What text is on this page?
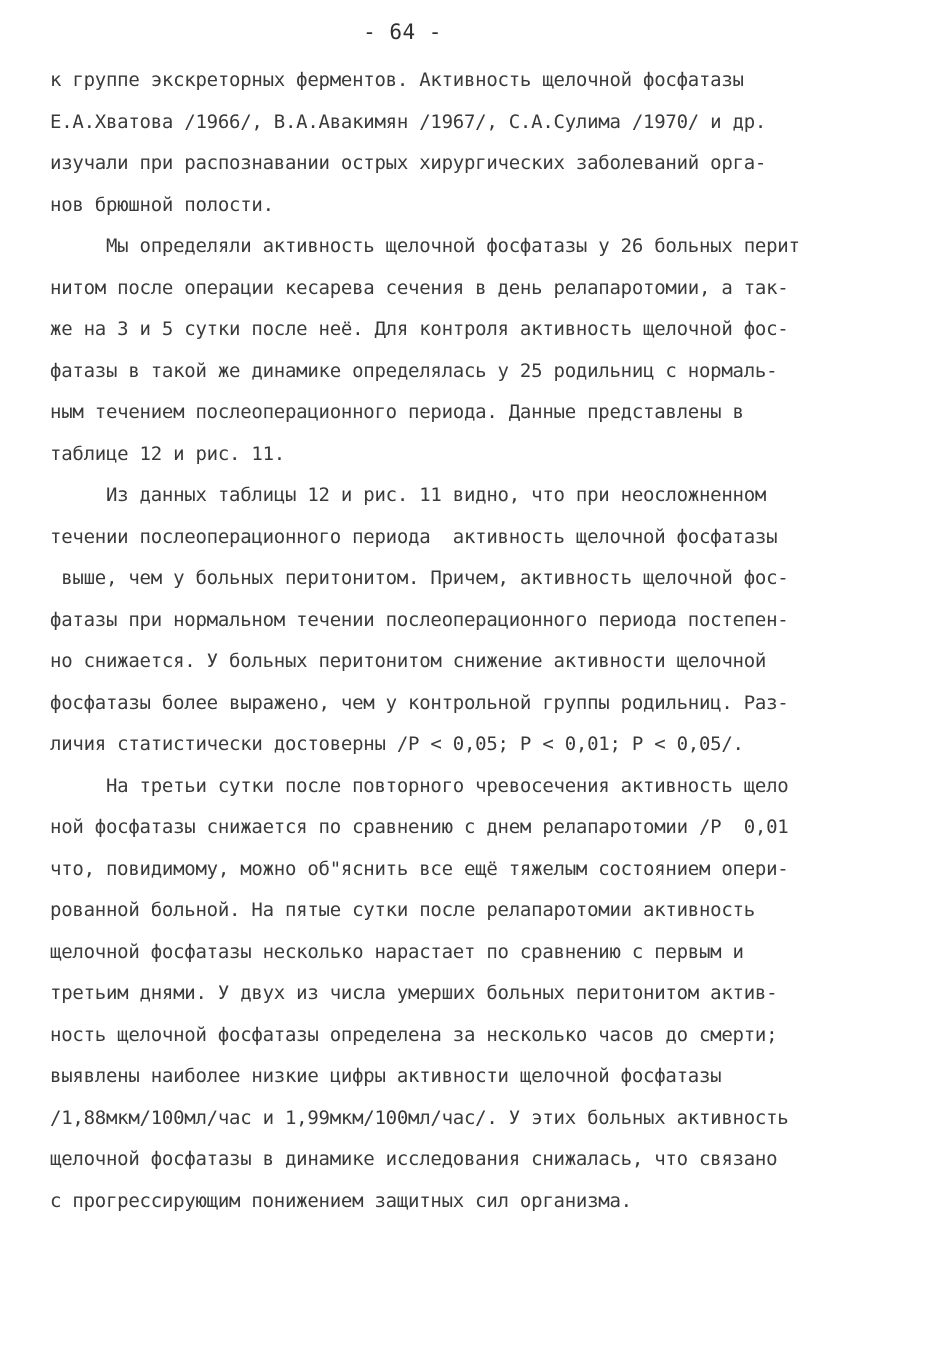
- 64 -
к группе экскреторных ферментов. Активность щелочной фосфатазы
Е.А.Хватова /1966/, В.А.Авакимян /1967/, С.А.Сулима /1970/ и др.
изучали при распознавании острых хирургических заболеваний орга-
нов брюшной полости.
Мы определяли активность щелочной фосфатазы у 26 больных перит
нитом после операции кесарева сечения в день релапаротомии, а так-
же на 3 и 5 сутки после неё. Для контроля активность щелочной фос-
фатазы в такой же динамике определялась у 25 родильниц с нормаль-
ным течением послеоперационного периода. Данные представлены в
таблице 12 и рис. 11.
Из данных таблицы 12 и рис. 11 видно, что при неосложненном
течении послеоперационного периода  активность щелочной фосфатазы
выше, чем у больных перитонитом. Причем, активность щелочной фос-
фатазы при нормальном течении послеоперационного периода постепен-
но снижается. У больных перитонитом снижение активности щелочной
фосфатазы более выражено, чем у контрольной группы родильниц. Раз-
личия статистически достоверны /Р < 0,05; Р < 0,01; Р < 0,05/.
На третьи сутки после повторного чревосечения активность щело
ной фосфатазы снижается по сравнению с днем релапаротомии /Р  0,01
что, повидимому, можно об"яснить все ещё тяжелым состоянием опери-
рованной больной. На пятые сутки после релапаротомии активность
щелочной фосфатазы несколько нарастает по сравнению с первым и
третьим днями. У двух из числа умерших больных перитонитом актив-
ность щелочной фосфатазы определена за несколько часов до смерти;
выявлены наиболее низкие цифры активности щелочной фосфатазы
/1,88мкм/100мл/час и 1,99мкм/100мл/час/. У этих больных активность
щелочной фосфатазы в динамике исследования снижалась, что связано
с прогрессирующим понижением защитных сил организма.
